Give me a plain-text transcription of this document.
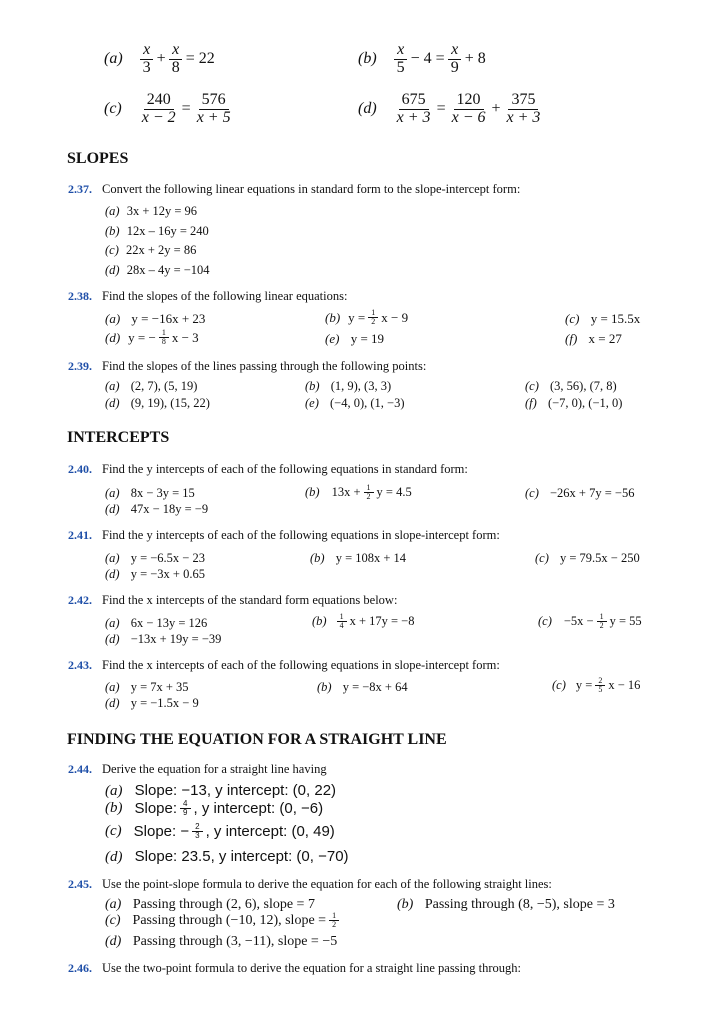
$(a) \frac{x}{3} + \frac{x}{8} = 22$	$(b) \frac{x}{5} - 4 = \frac{x}{9} + 8$
$(c) \frac{240}{x - 2} = \frac{576}{x + 5}$	$(d) \frac{675}{x + 3} = \frac{120}{x - 6} + \frac{375}{x + 3}$
SLOPES
2.37. Convert the following linear equations in standard form to the slope-intercept form:
(a) 3x + 12y = 96
(b) 12x – 16y = 240
(c) 22x + 2y = 86
(d) 28x – 4y = −104
2.38. Find the slopes of the following linear equations:
(a) y = −16x + 23	(b) $y = \frac{1}{2}$ x − 9	(c) y = 15.5x
(d) y = − $\frac{1}{8}$ x − 3	(e) y = 19	(f) x = 27
2.39. Find the slopes of the lines passing through the following points:
(a) (2, 7), (5, 19)	(b) (1, 9), (3, 3)	(c) (3, 56), (7, 8)
(d) (9, 19), (15, 22)	(e) (−4, 0), (1, −3)	(f) (−7, 0), (−1, 0)
INTERCEPTS
2.40. Find the y intercepts of each of the following equations in standard form:
(a) 8x − 3y = 15	(b) $13x + \frac{1}{2}$ y = 4.5	(c) −26x + 7y = −56
(d) 47x − 18y = −9
2.41. Find the y intercepts of each of the following equations in slope-intercept form:
(a) y = −6.5x − 23	(b) y = 108x + 14	(c) y = 79.5x − 250
(d) y = −3x + 0.65
2.42. Find the x intercepts of the standard form equations below:
(a) 6x − 13y = 126	$(b) \frac{1}{4}$ x + 17y = −8	$(c) -5x - \frac{1}{2}$ y = 55
(d) −13x + 19y = −39
2.43. Find the x intercepts of each of the following equations in slope-intercept form:
(a) y = 7x + 35	(b) y = −8x + 64	(c) $y = \frac{2}{5}$ x − 16
(d) y = −1.5x − 9
FINDING THE EQUATION FOR A STRAIGHT LINE
2.44. Derive the equation for a straight line having
(a) Slope: −13, y intercept: (0, 22)
(b) Slope: $\frac{4}{9}$ , y intercept: (0, −6)
(c) Slope: − $\frac{2}{3}$ , y intercept: (0, 49)
(d) Slope: 23.5, y intercept: (0, −70)
2.45. Use the point-slope formula to derive the equation for each of the following straight lines:
(a) Passing through (2, 6), slope = 7	(b) Passing through (8, −5), slope = 3
(c) Passing through (−10, 12), slope = $\frac{1}{2}$
(d) Passing through (3, −11), slope = −5
2.46. Use the two-point formula to derive the equation for a straight line passing through:
